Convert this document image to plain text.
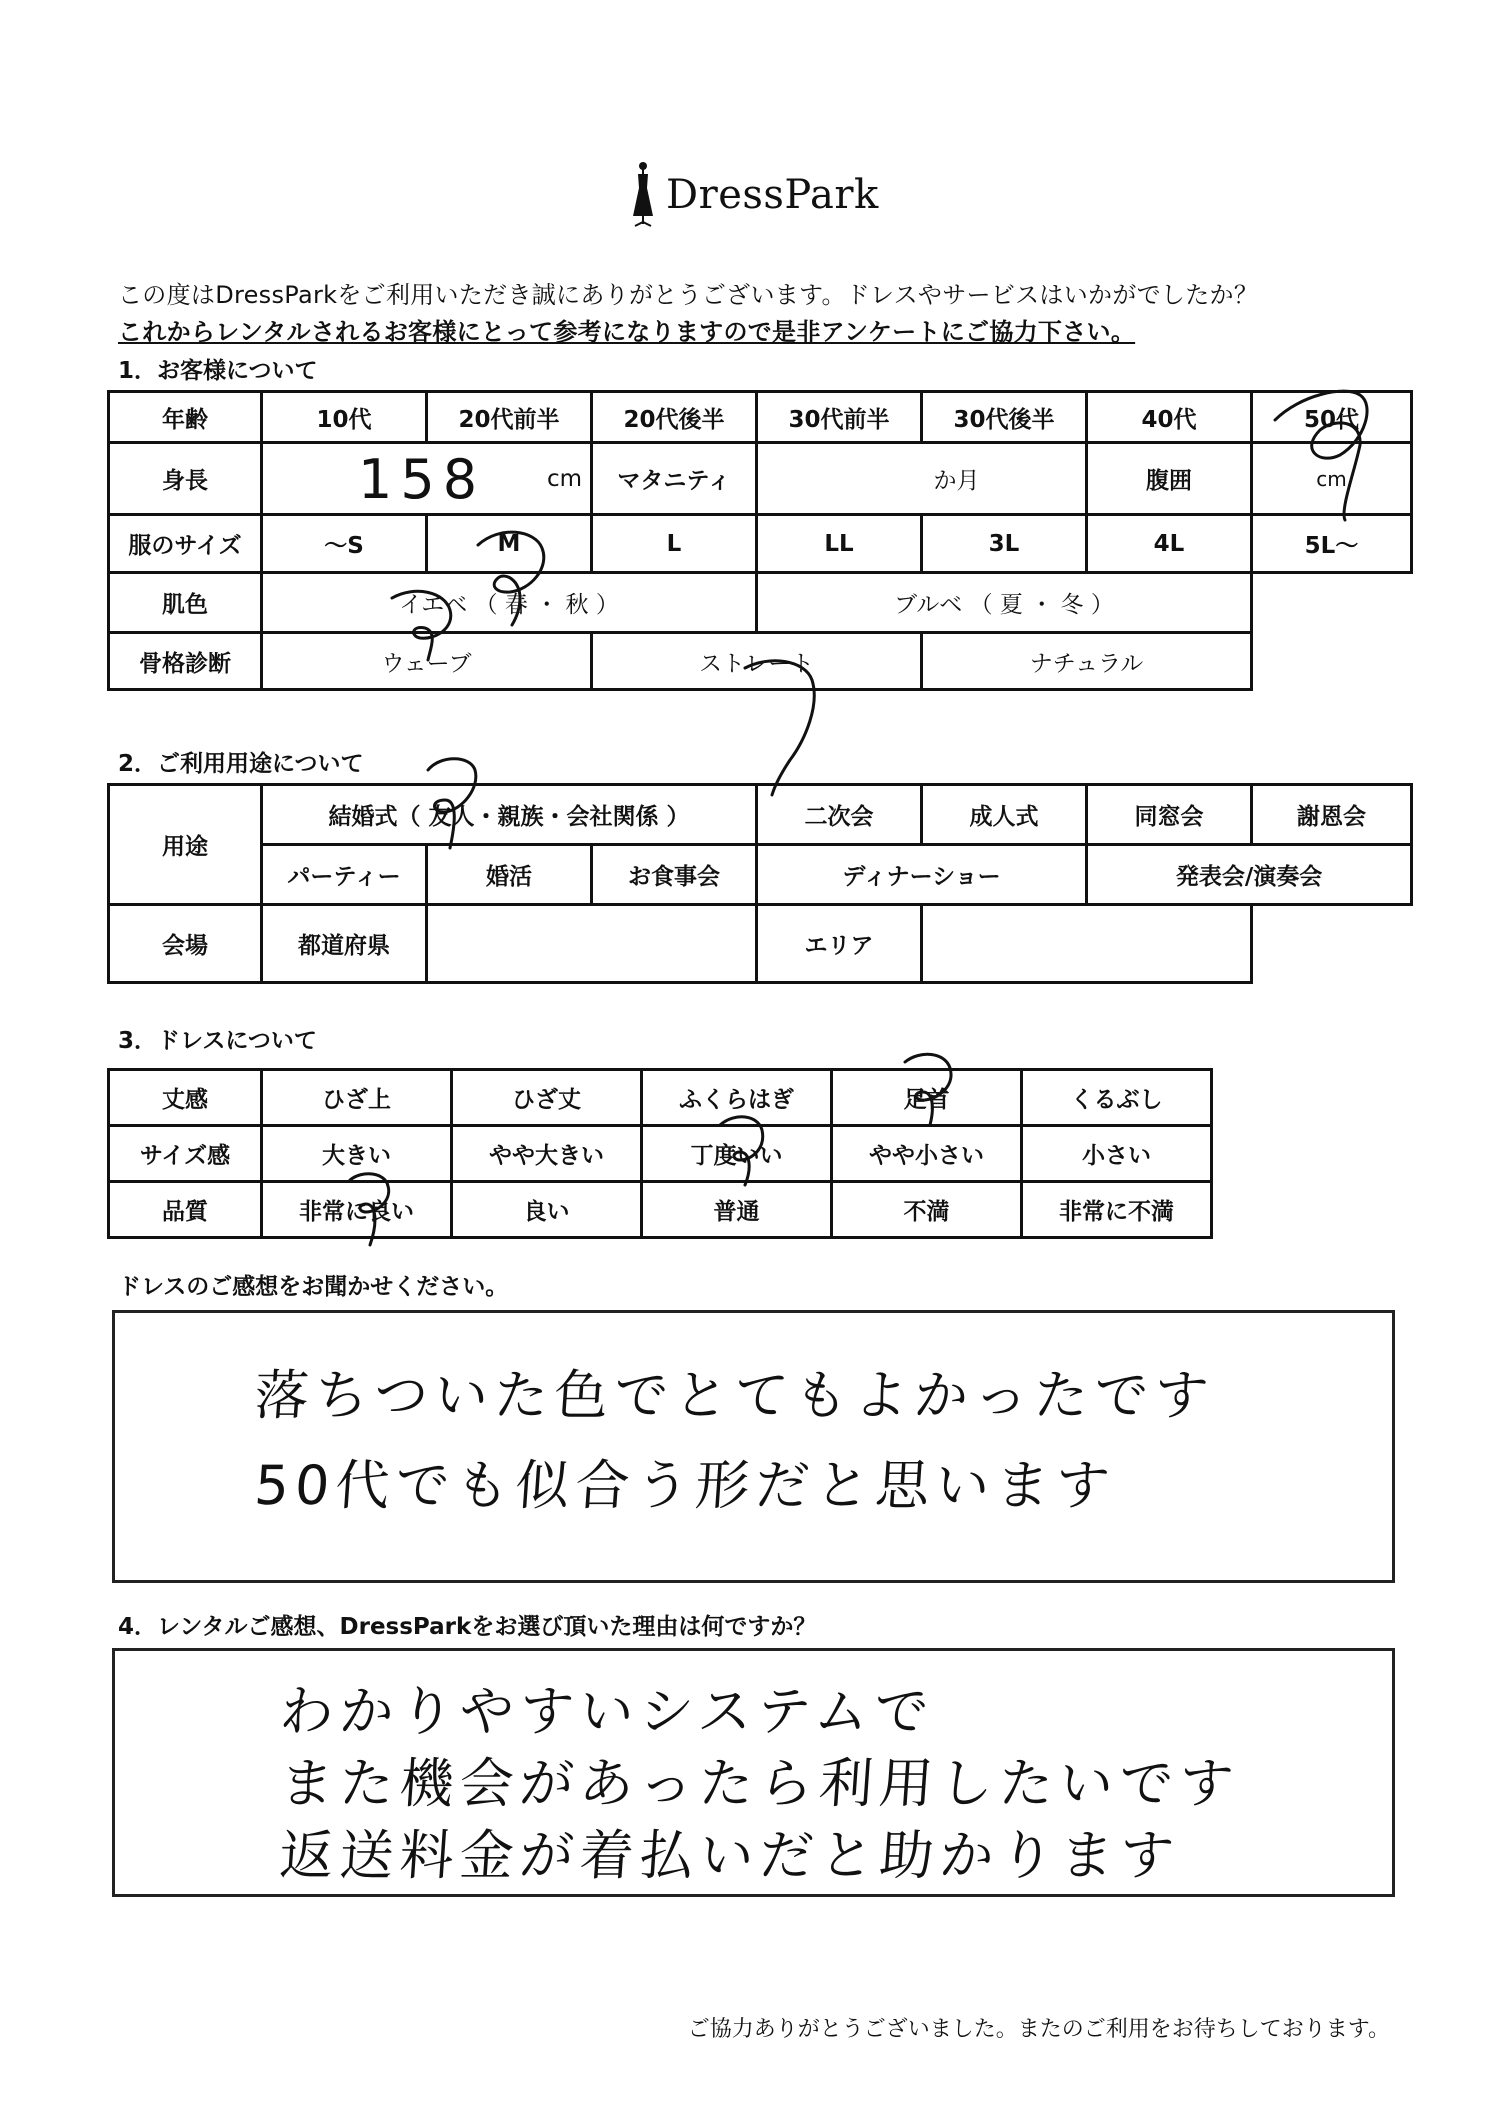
DressPark
この度はDressParkをご利用いただき誠にありがとうございます。ドレスやサービスはいかがでしたか？
これからレンタルされるお客様にとって参考になりますので是非アンケートにご協力下さい。
1．お客様について
年齢	10代	20代前半	20代後半	30代前半	30代後半	40代	50代
身長	158 cm		マタニティ	か月		腹囲	cm
服のサイズ	～S	M	L	LL	3L	4L	5L～
肌色	イエベ （ 春 ・ 秋 ）			ブルベ （ 夏 ・ 冬 ）			
骨格診断	ウェーブ		ストレート		ナチュラル		
2．ご利用用途について
用途	結婚式（ 友人・親族・会社関係 ）			二次会	成人式	同窓会	謝恩会
	パーティー	婚活	お食事会	ディナーショー		発表会/演奏会	
会場	都道府県			エリア			
3．ドレスについて
丈感	ひざ上	ひざ丈	ふくらはぎ	足首	くるぶし
サイズ感	大きい	やや大きい	丁度いい	やや小さい	小さい
品質	非常に良い	良い	普通	不満	非常に不満
ドレスのご感想をお聞かせください。
落ちついた色でとてもよかったです
50代でも似合う形だと思います
4．レンタルご感想、DressParkをお選び頂いた理由は何ですか？
わかりやすいシステムで
また機会があったら利用したいです
返送料金が着払いだと助かります
ご協力ありがとうございました。またのご利用をお待ちしております。
